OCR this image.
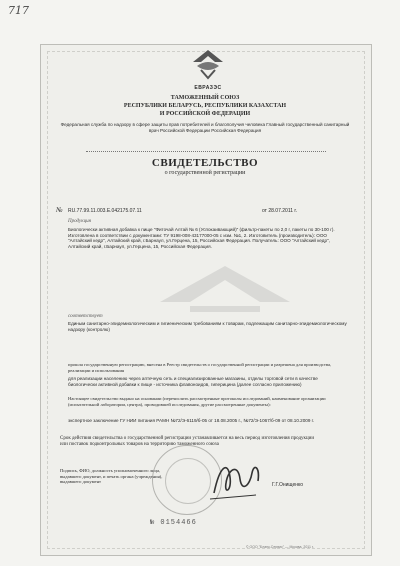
717
ЕВРАЗЭС
ТАМОЖЕННЫЙ СОЮЗ
РЕСПУБЛИКИ БЕЛАРУСЬ, РЕСПУБЛИКИ КАЗАХСТАН
И РОССИЙСКОЙ ФЕДЕРАЦИИ
Федеральная служба по надзору в сфере защиты прав потребителей и благополучия человека Главный государственный санитарный врач Российской Федерации Российская Федерация
СВИДЕТЕЛЬСТВО
о государственной регистрации
№ RU.77.99.11.003.Е.042175.07.11	от 28.07.2011 г.
Продукция
Биологически активная добавка к пище "Фиточай Алтай № 6 (Успокаивающий)" (фильтр-пакеты по 2,0 г, пакеты по 30-100 г). Изготовлена в соответствии с документами: ТУ 9198-008-43177000-05 с изм. №1, 2. Изготовитель (производитель): ООО "Алтайский кедр", Алтайский край, г.Барнаул, ул.Герцена, 15, Российская Федерация. Получатель: ООО "Алтайский кедр", Алтайский край, г.Барнаул, ул.Герцена, 15, Российская Федерация.
соответствует
Единым санитарно-эпидемиологическим и гигиеническим требованиям к товарам, подлежащим санитарно-эпидемиологическому надзору (контролю)
прошла государственную регистрацию, внесена в Реестр свидетельств о государственной регистрации и разрешена для производства, реализации и использования
для реализации населению через аптечную сеть и специализированные магазины, отделы торговой сети в качестве биологически активной добавки к пище - источника флавоноидов, гиперицина (далее согласно приложению)
Настоящее свидетельство выдано на основании (перечислить рассмотренные протоколы исследований, наименование организации (испытательной лаборатории, центра), проводившей исследования, другие рассмотренные документы):
экспертное заключение ГУ НИИ питания РАМН №72/Э-6119/б-05 от 18.08.2005 г., №72/Э-1067/б-09 от 08.10.2009 г.
Срок действия свидетельства о государственной регистрации устанавливается на весь период изготовления продукции или поставок подконтрольных товаров на территорию таможенного союза
Подпись, ФИО, должность уполномоченного лица, выдавшего документ, и печать органа (учреждения), выдавшего документ
Г.Г.Онищенко
№ 0154466
© ООО "Бланк-Сервис" — Москва, 2011 г.
